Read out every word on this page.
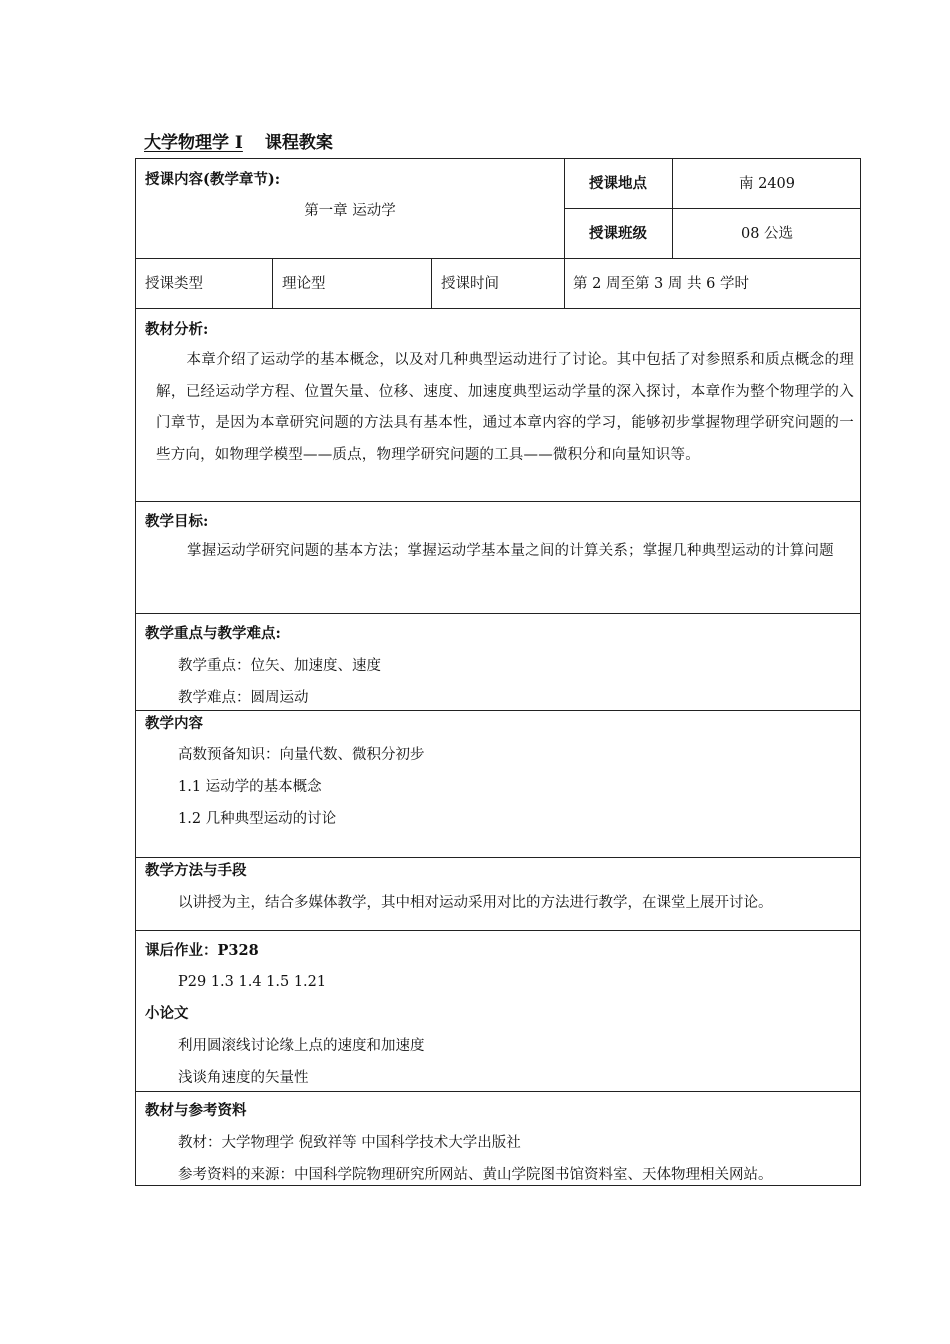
大学物理学 I 课程教案
授课内容(教学章节):
第一章 运动学
授课地点	南 2409
授课班级	08 公选
授课类型	理论型	授课时间	第 2 周至第 3 周 共 6 学时
教材分析:
本章介绍了运动学的基本概念，以及对几种典型运动进行了讨论。其中包括了对参照系和质点概念的理解，已经运动学方程、位置矢量、位移、速度、加速度典型运动学量的深入探讨，本章作为整个物理学的入门章节，是因为本章研究问题的方法具有基本性，通过本章内容的学习，能够初步掌握物理学研究问题的一些方向，如物理学模型——质点，物理学研究问题的工具——微积分和向量知识等。
教学目标:
掌握运动学研究问题的基本方法；掌握运动学基本量之间的计算关系；掌握几种典型运动的计算问题
教学重点与教学难点:
教学重点：位矢、加速度、速度
教学难点：圆周运动
教学内容
高数预备知识：向量代数、微积分初步
1.1 运动学的基本概念
1.2 几种典型运动的讨论
教学方法与手段
以讲授为主，结合多媒体教学，其中相对运动采用对比的方法进行教学，在课堂上展开讨论。
课后作业：P328
P29 1.3 1.4 1.5 1.21
小论文
利用圆滚线讨论缘上点的速度和加速度
浅谈角速度的矢量性
教材与参考资料
教材：大学物理学 倪致祥等 中国科学技术大学出版社
参考资料的来源：中国科学院物理研究所网站、黄山学院图书馆资料室、天体物理相关网站。
